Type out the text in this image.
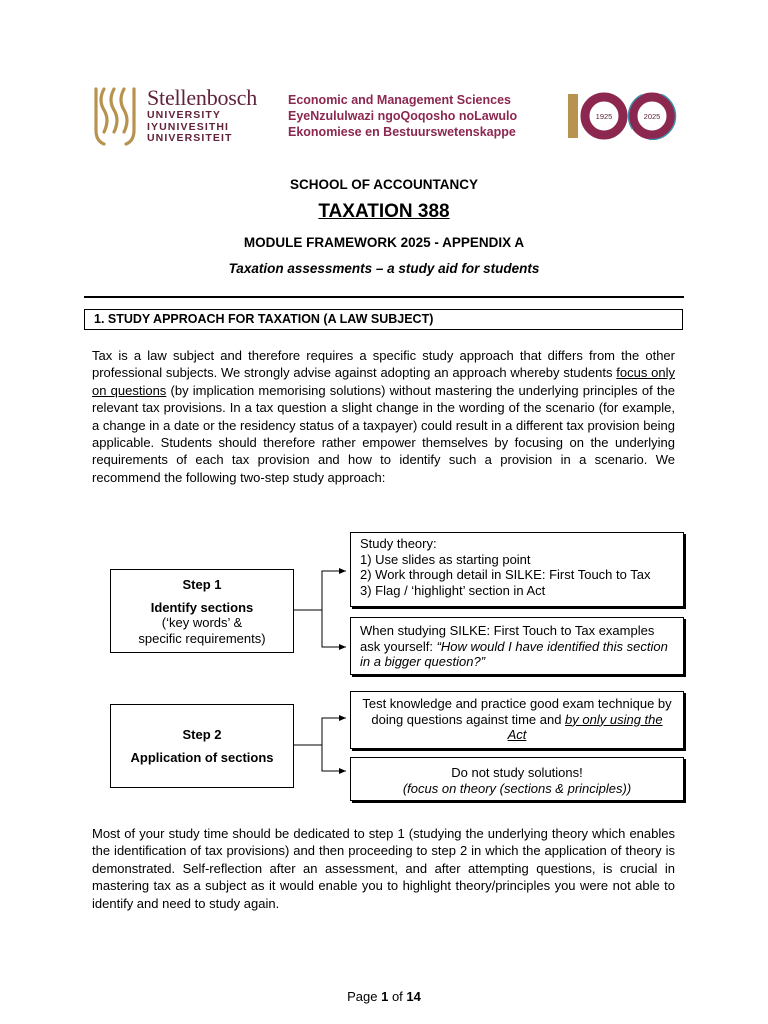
Stellenbosch
UNIVERSITY
IYUNIVESITHI
UNIVERSITEIT
Economic and Management Sciences
EyeNzululwazi ngoQoqosho noLawulo
Ekonomiese en Bestuurswetenskappe
1925	2025
SCHOOL OF ACCOUNTANCY
TAXATION 388
MODULE FRAMEWORK 2025 - APPENDIX A
Taxation assessments – a study aid for students
1. STUDY APPROACH FOR TAXATION (A LAW SUBJECT)
Tax is a law subject and therefore requires a specific study approach that differs from the other professional subjects. We strongly advise against adopting an approach whereby students focus only on questions (by implication memorising solutions) without mastering the underlying principles of the relevant tax provisions. In a tax question a slight change in the wording of the scenario (for example, a change in a date or the residency status of a taxpayer) could result in a different tax provision being applicable. Students should therefore rather empower themselves by focusing on the underlying requirements of each tax provision and how to identify such a provision in a scenario. We recommend the following two-step study approach:
Step 1
Identify sections
(‘key words’ &
specific requirements)
Study theory:
1) Use slides as starting point
2) Work through detail in SILKE: First Touch to Tax
3) Flag / ‘highlight’ section in Act
When studying SILKE: First Touch to Tax examples ask yourself: “How would I have identified this section in a bigger question?”
Step 2
Application of sections
Test knowledge and practice good exam technique by doing questions against time and by only using the Act
Do not study solutions!
(focus on theory (sections & principles))
Most of your study time should be dedicated to step 1 (studying the underlying theory which enables the identification of tax provisions) and then proceeding to step 2 in which the application of theory is demonstrated. Self-reflection after an assessment, and after attempting questions, is crucial in mastering tax as a subject as it would enable you to highlight theory/principles you were not able to identify and need to study again.
Page 1 of 14
